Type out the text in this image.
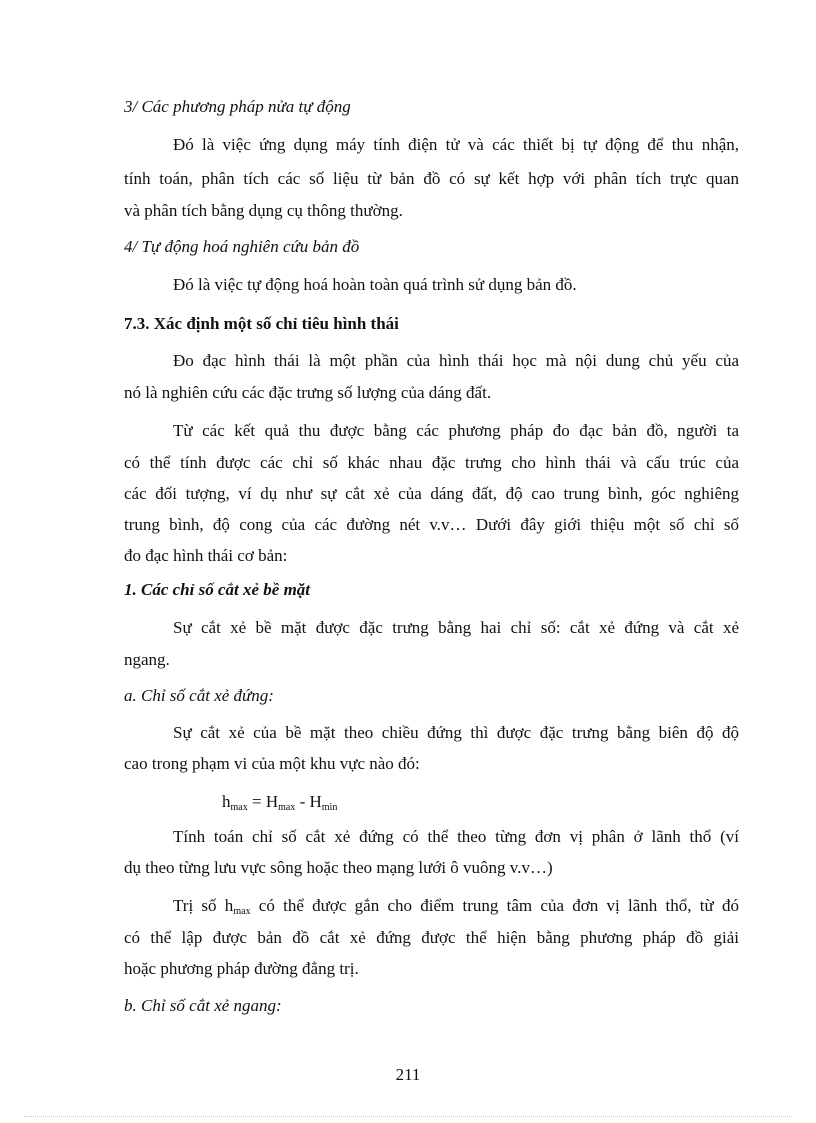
3/ Các phương pháp nửa tự động
Đó là việc ứng dụng máy tính điện tử và các thiết bị tự động để thu nhận,
tính toán, phân tích các số liệu từ bản đồ có sự kết hợp với phân tích trực quan
và phân tích bằng dụng cụ thông thường.
4/ Tự động hoá nghiên cứu bản đồ
Đó là việc tự động hoá hoàn toàn quá trình sử dụng bản đồ.
7.3. Xác định một số chỉ tiêu hình thái
Đo đạc hình thái là một phần của hình thái học mà nội dung chủ yếu của
nó là nghiên cứu các đặc trưng số lượng của dáng đất.
Từ các kết quả thu được bằng các phương pháp đo đạc bản đồ, người ta
có thể tính được các chỉ số khác nhau đặc trưng cho hình thái và cấu trúc của
các đối tượng, ví dụ như sự cắt xẻ của dáng đất, độ cao trung bình, góc nghiêng
trung bình, độ cong của các đường nét v.v… Dưới đây giới thiệu một số chỉ số
đo đạc hình thái cơ bản:
1. Các chỉ số cắt xẻ bề mặt
Sự cắt xẻ bề mặt được đặc trưng bằng hai chỉ số: cắt xẻ đứng và cắt xẻ
ngang.
a. Chỉ số cắt xẻ đứng:
Sự cắt xẻ của bề mặt theo chiều đứng thì được đặc trưng bằng biên độ độ
cao trong phạm vi của một khu vực nào đó:
$h_{max} = H_{max} - H_{min}$
Tính toán chỉ số cắt xẻ đứng có thể theo từng đơn vị phân ở lãnh thổ (ví
dụ theo từng lưu vực sông hoặc theo mạng lưới ô vuông v.v…)
Trị số $h_{max}$ có thể được gắn cho điểm trung tâm của đơn vị lãnh thổ, từ đó
có thể lập được bản đồ cắt xẻ đứng được thể hiện bằng phương pháp đồ giải
hoặc phương pháp đường đẳng trị.
b. Chỉ số cắt xẻ ngang:
211
